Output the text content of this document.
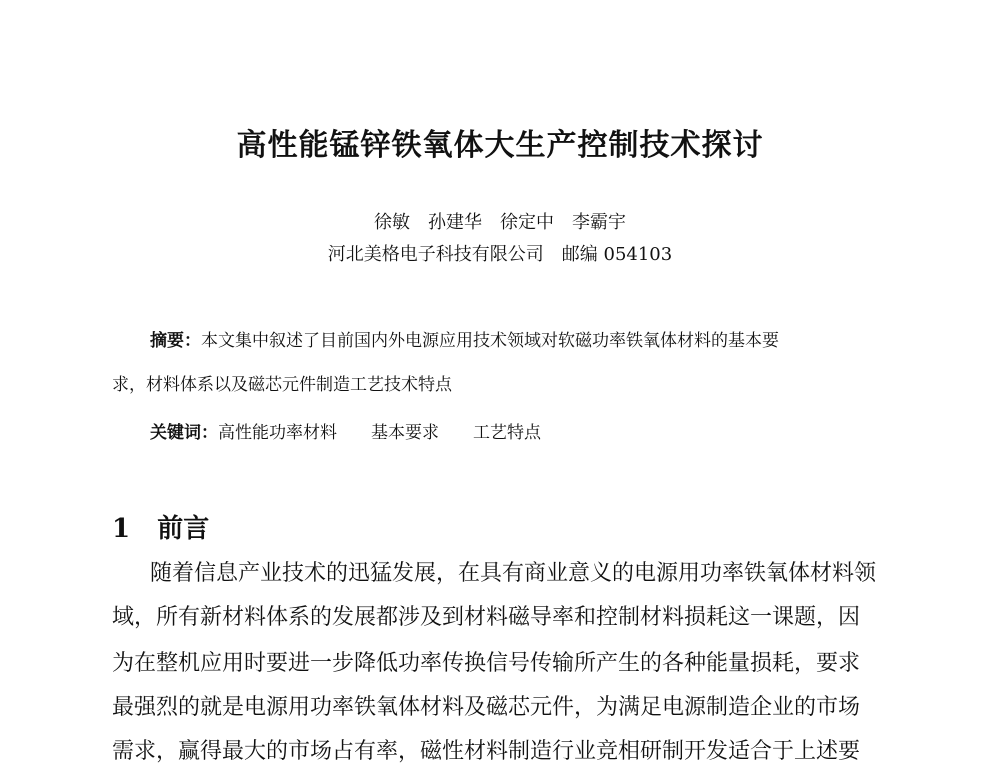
高性能锰锌铁氧体大生产控制技术探讨
徐敏　孙建华　徐定中　李霸宇
河北美格电子科技有限公司　邮编 054103
摘要：本文集中叙述了目前国内外电源应用技术领域对软磁功率铁氧体材料的基本要
求，材料体系以及磁芯元件制造工艺技术特点
关键词：高性能功率材料　　基本要求　　工艺特点
1 前言
随着信息产业技术的迅猛发展，在具有商业意义的电源用功率铁氧体材料领
域，所有新材料体系的发展都涉及到材料磁导率和控制材料损耗这一课题，因
为在整机应用时要进一步降低功率传换信号传输所产生的各种能量损耗，要求
最强烈的就是电源用功率铁氧体材料及磁芯元件，为满足电源制造企业的市场
需求，赢得最大的市场占有率，磁性材料制造行业竞相研制开发适合于上述要
